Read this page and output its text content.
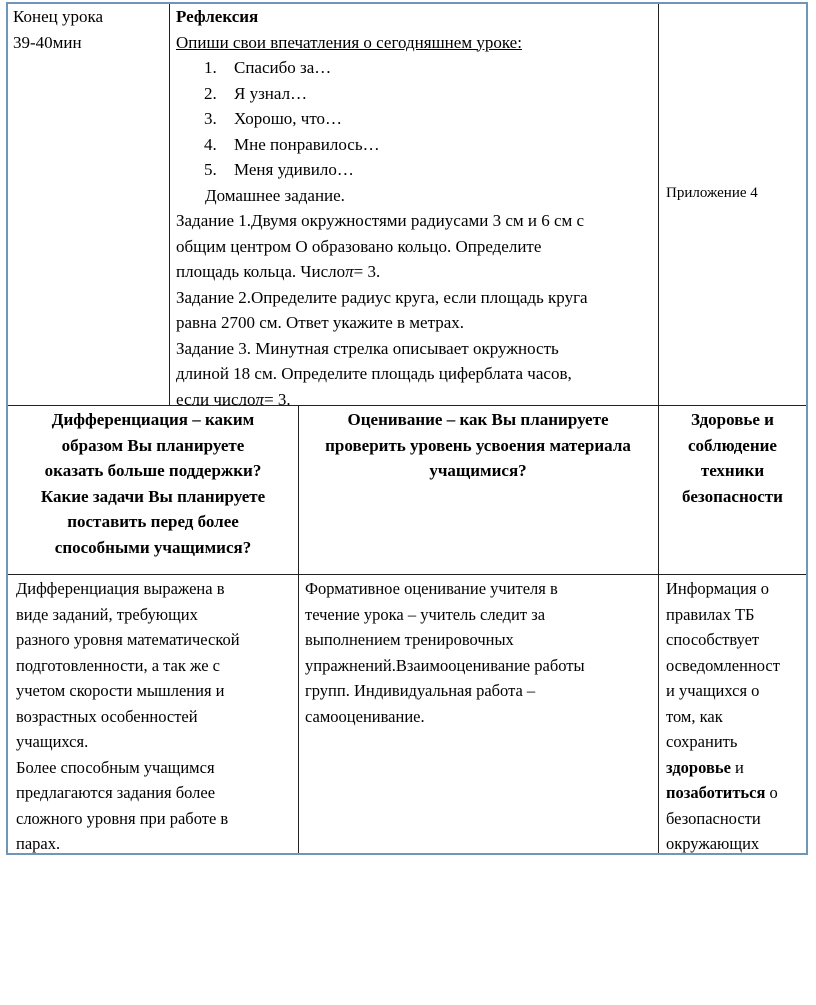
Конец урока
39-40мин
Рефлексия
Опиши свои впечатления о сегодняшнем уроке:
1. Спасибо за…
2. Я узнал…
3. Хорошо, что…
4. Мне понравилось…
5. Меня удивило…
Домашнее задание.
Задание 1.Двумя окружностями радиусами 3 см и 6 см с
общим центром О образовано кольцо. Определите
площадь кольца. Числоπ= 3.
Задание 2.Определите радиус круга, если площадь круга
равна 2700 см. Ответ укажите в метрах.
Задание 3. Минутная стрелка описывает окружность
длиной 18 см. Определите площадь циферблата часов,
если числоπ= 3.
Приложение 4
Дифференциация – каким
образом Вы планируете
оказать больше поддержки?
Какие задачи Вы планируете
поставить перед более
способными учащимися?
Оценивание – как Вы планируете
проверить уровень усвоения материала
учащимися?
Здоровье и
соблюдение
техники
безопасности
Дифференциация выражена в
виде заданий, требующих
разного уровня математической
подготовленности, а так же с
учетом скорости мышления и
возрастных особенностей
учащихся.
Более способным учащимся
предлагаются задания более
сложного уровня при работе в
парах.
Формативное оценивание учителя в
течение урока – учитель следит за
выполнением тренировочных
упражнений.Взаимооценивание работы
групп. Индивидуальная работа –
самооценивание.
Информация о
правилах ТБ
способствует
осведомленност
и учащихся о
том, как
сохранить
здоровье и
позаботиться о
безопасности
окружающих
